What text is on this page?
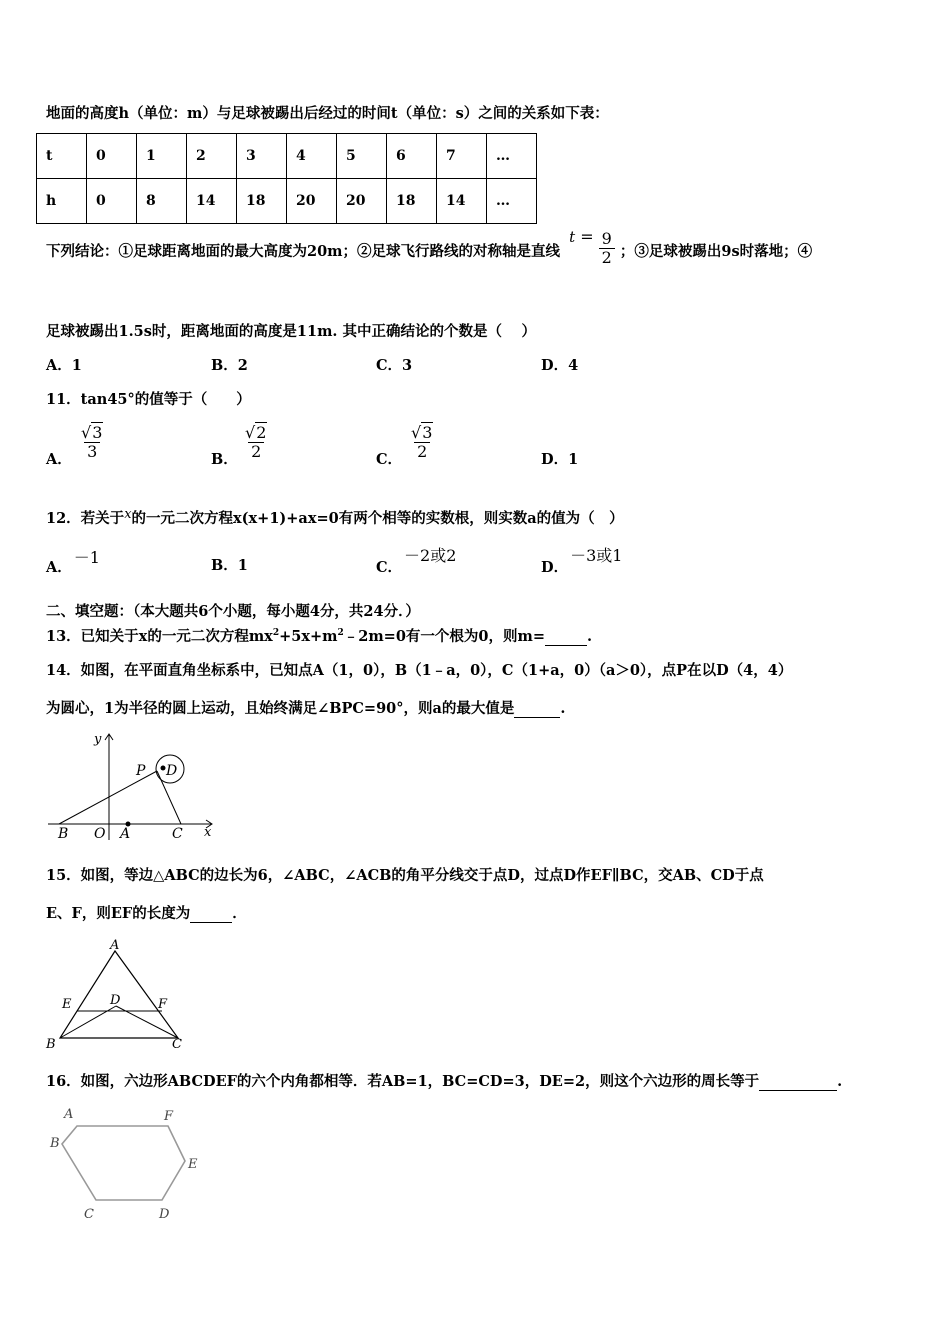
地面的高度h（单位：m）与足球被踢出后经过的时间t（单位：s）之间的关系如下表：
t	0	1	2	3	4	5	6	7	…
h	0	8	14	18	20	20	18	14	…
下列结论：①足球距离地面的最大高度为20m；②足球飞行路线的对称轴是直线 $t = \frac{9}{2}$ ；③足球被踢出9s时落地；④
足球被踢出1.5s时，距离地面的高度是11m. 其中正确结论的个数是（　 ）
A．1	B．2	C．3	D．4
11．tan45°的值等于（　　）
A． $\frac{√3}{3}$	B． $\frac{√2}{2}$	C． $\frac{√3}{2}$	D．1
12．若关于x的一元二次方程x(x+1)+ax=0有两个相等的实数根，则实数a的值为（　）
A．－1	B．1	C．－2或2
D．－3或1
二、填空题：（本大题共6个小题，每小题4分，共24分．）
13．已知关于x的一元二次方程$mx^2+5x+m^2﹣2m=0$有一个根为0，则m=	.
14．如图，在平面直角坐标系中，已知点A（1，0），B（1﹣a，0），C（1+a，0）（a＞0），点P在以D（4，4）
为圆心，1为半径的圆上运动，且始终满足∠BPC=90°，则a的最大值是	.
y
x
P D
B O A	C
15．如图，等边△ABC的边长为6，∠ABC，∠ACB的角平分线交于点D，过点D作EF∥BC，交AB、CD于点
E、F，则EF的长度为	．
A
E	D	F
B	C
16．如图，六边形ABCDEF的六个内角都相等．若AB=1，BC=CD=3，DE=2，则这个六边形的周长等于	.
A	F
B
E
C	D
